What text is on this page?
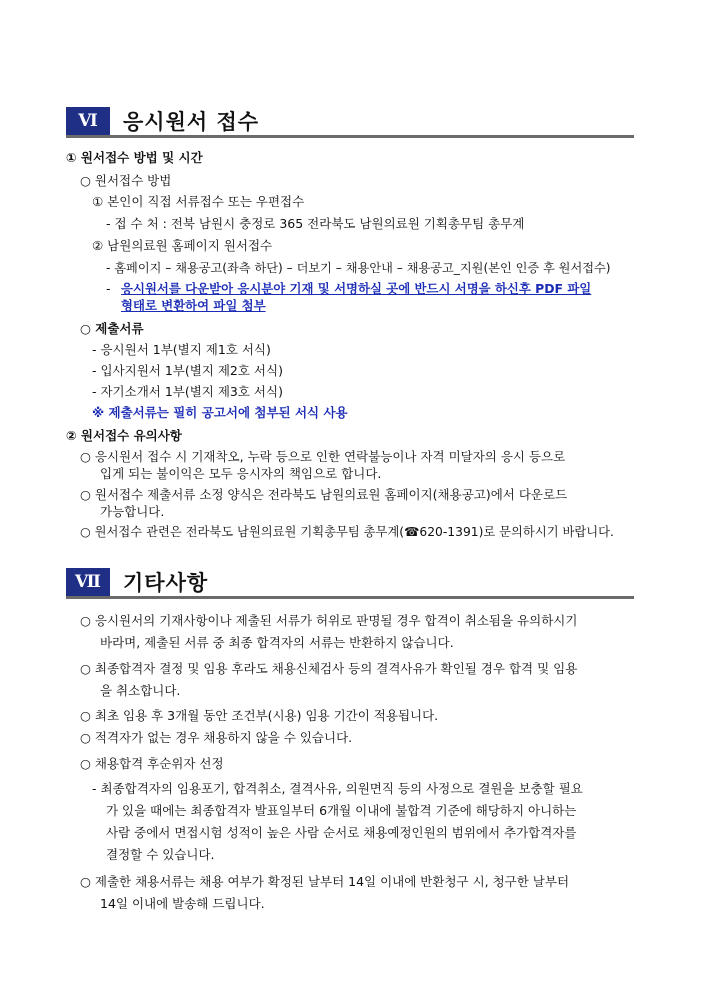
Ⅵ	응시원서 접수
① 원서접수 방법 및 시간
○ 원서접수 방법
① 본인이 직접 서류접수 또는 우편접수
- 접 수 처 : 전북 남원시 충정로 365 전라북도 남원의료원 기획총무팀 총무계
② 남원의료원 홈페이지 원서접수
- 홈페이지 – 채용공고(좌측 하단) – 더보기 – 채용안내 – 채용공고_지원(본인 인증 후 원서접수)
- 응시원서를 다운받아 응시분야 기재 및 서명하실 곳에 반드시 서명을 하신후 PDF 파일
형태로 변환하여 파일 첨부
○ 제출서류
- 응시원서 1부(별지 제1호 서식)
- 입사지원서 1부(별지 제2호 서식)
- 자기소개서 1부(별지 제3호 서식)
※ 제출서류는 필히 공고서에 첨부된 서식 사용
② 원서접수 유의사항
○ 응시원서 접수 시 기재착오, 누락 등으로 인한 연락불능이나 자격 미달자의 응시 등으로
입게 되는 불이익은 모두 응시자의 책임으로 합니다.
○ 원서접수 제출서류 소정 양식은 전라북도 남원의료원 홈페이지(채용공고)에서 다운로드
가능합니다.
○ 원서접수 관련은 전라북도 남원의료원 기획총무팀 총무계(☎620-1391)로 문의하시기 바랍니다.
Ⅶ	기타사항
○ 응시원서의 기재사항이나 제출된 서류가 허위로 판명될 경우 합격이 취소됨을 유의하시기
바라며, 제출된 서류 중 최종 합격자의 서류는 반환하지 않습니다.
○ 최종합격자 결정 및 임용 후라도 채용신체검사 등의 결격사유가 확인될 경우 합격 및 임용
을 취소합니다.
○ 최초 임용 후 3개월 동안 조건부(시용) 임용 기간이 적용됩니다.
○ 적격자가 없는 경우 채용하지 않을 수 있습니다.
○ 채용합격 후순위자 선정
- 최종합격자의 임용포기, 합격취소, 결격사유, 의원면직 등의 사정으로 결원을 보충할 필요
가 있을 때에는 최종합격자 발표일부터 6개월 이내에 불합격 기준에 해당하지 아니하는
사람 중에서 면접시험 성적이 높은 사람 순서로 채용예정인원의 범위에서 추가합격자를
결정할 수 있습니다.
○ 제출한 채용서류는 채용 여부가 확정된 날부터 14일 이내에 반환청구 시, 청구한 날부터
14일 이내에 발송해 드립니다.
